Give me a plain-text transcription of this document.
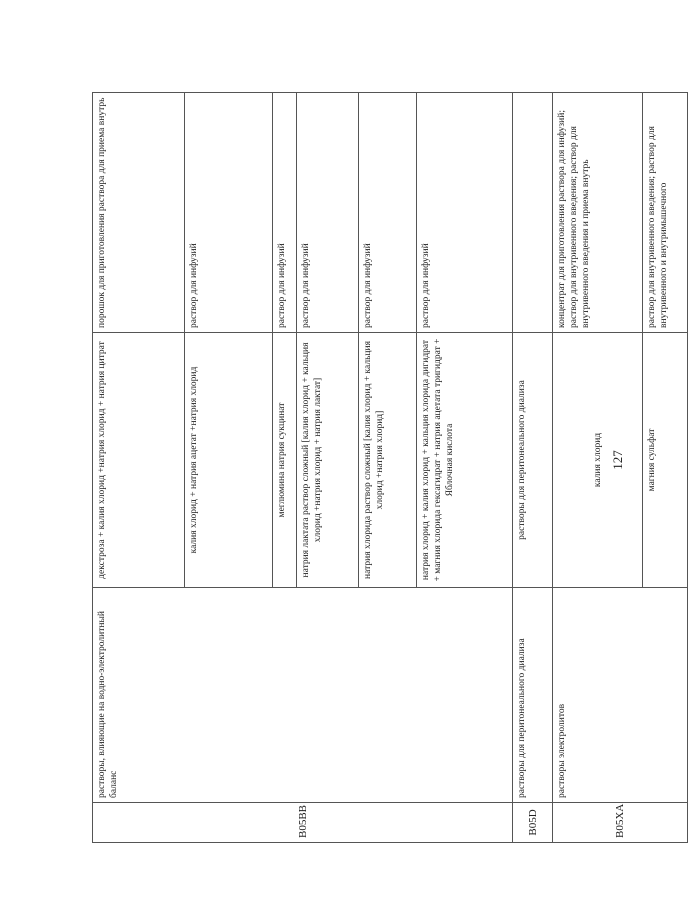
B05BB	растворы, влияющие на водно-электролитный баланс	декстроза + калия хлорид +натрия хлорид + натрия цитрат	порошок для приготовления раствора для приема внутрь
		калия хлорид + натрия ацетат +натрия хлорид	раствор для инфузий
		меглюмина натрия сукцинат	раствор для инфузий
		натрия лактата раствор сложный [калия хлорид + кальция хлорид +натрия хлорид + натрия лактат]	раствор для инфузий
		натрия хлорида раствор сложный [калия хлорид + кальция хлорид +натрия хлорид]	раствор для инфузий
		натрия хлорид + калия хлорид + кальция хлорида дигидрат + магния хлорида гексагидрат + натрия ацетата тригидрат + Яблочная кислота	раствор для инфузий
B05D	растворы для перитонеального диализа	растворы для перитонеального диализа	
B05XA	растворы электролитов	калия хлорид	концентрат для приготовления раствора для инфузий; раствор для внутривенного введения; раствор для внутривенного введения и приема внутрь
		магния сульфат	раствор для внутривенного введения; раствор для внутривенного и внутримышечного
127
